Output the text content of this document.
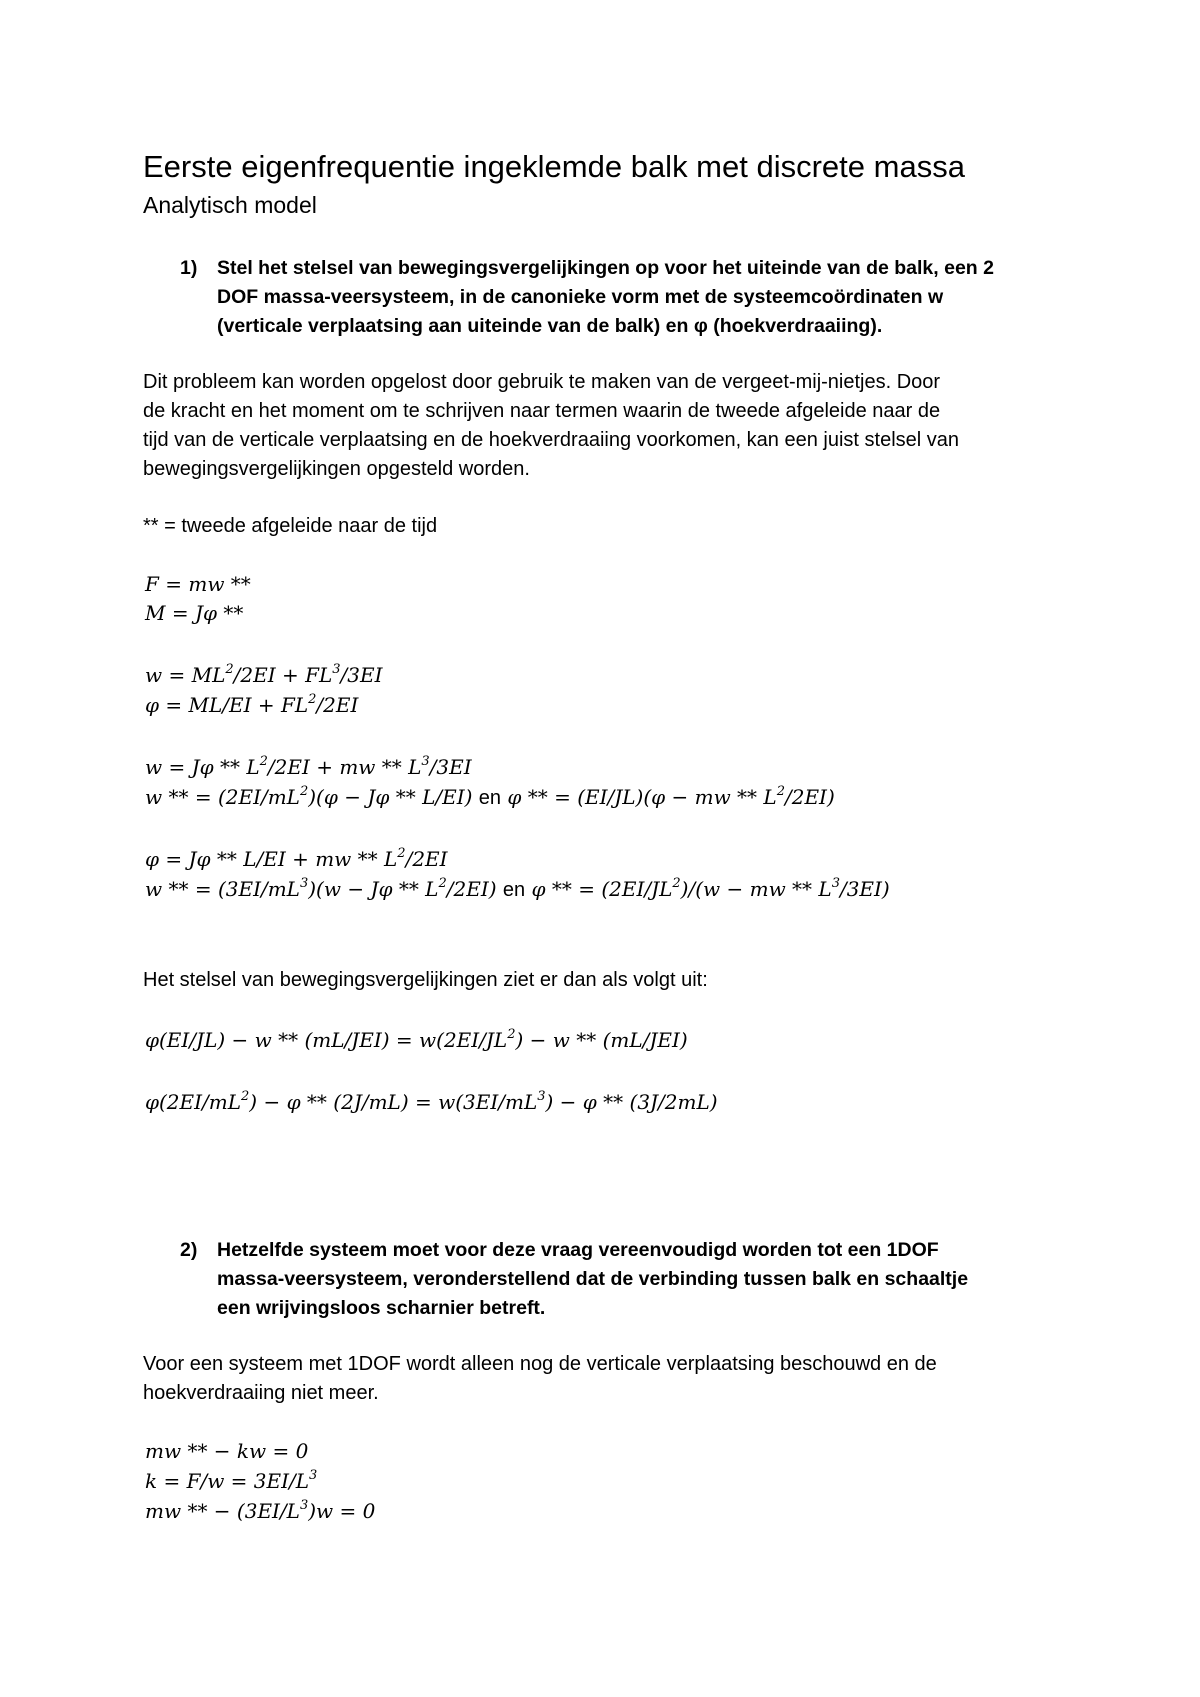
Eerste eigenfrequentie ingeklemde balk met discrete massa
Analytisch model
1) Stel het stelsel van bewegingsvergelijkingen op voor het uiteinde van de balk, een 2
DOF massa-veersysteem, in de canonieke vorm met de systeemcoördinaten w
(verticale verplaatsing aan uiteinde van de balk) en φ (hoekverdraaiing).
Dit probleem kan worden opgelost door gebruik te maken van de vergeet-mij-nietjes. Door
de kracht en het moment om te schrijven naar termen waarin de tweede afgeleide naar de
tijd van de verticale verplaatsing en de hoekverdraaiing voorkomen, kan een juist stelsel van
bewegingsvergelijkingen opgesteld worden.
** = tweede afgeleide naar de tijd
F = mw **
M = Jφ **
$w = ML^2/2EI + FL^3/3EI$
$\varphi = ML/EI + FL^2/2EI$
$w = J\varphi ** L^2/2EI$ + mw ** $L^3/3EI$
w ** = $(2EI/mL^2)(\varphi - J\varphi ** L/EI)$ en φ ** = (EI/JL)(φ − mw ** $L^2/2EI$)
φ = Jφ ** L/EI + mw ** $L^2/2EI$
w ** = $(3EI/mL^3)(w - J\varphi ** L^2/2EI)$ en φ ** = $(2EI/JL^2)/(w$ − mw ** $L^3/3EI$)
Het stelsel van bewegingsvergelijkingen ziet er dan als volgt uit:
$\varphi(EI/JL) - w ** (mL/JEI) = w(2EI/JL^2) - w ** (mL/JEI)$
$\varphi(2EI/mL^2) - \varphi ** (2J/mL) = w(3EI/mL^3) - \varphi ** (3J/2mL)$
2) Hetzelfde systeem moet voor deze vraag vereenvoudigd worden tot een 1DOF
massa-veersysteem, veronderstellend dat de verbinding tussen balk en schaaltje
een wrijvingsloos scharnier betreft.
Voor een systeem met 1DOF wordt alleen nog de verticale verplaatsing beschouwd en de
hoekverdraaiing niet meer.
mw ** − kw = 0
$k = F/w = 3EI/L^3$
mw ** − $(3EI/L^3)w = 0$
